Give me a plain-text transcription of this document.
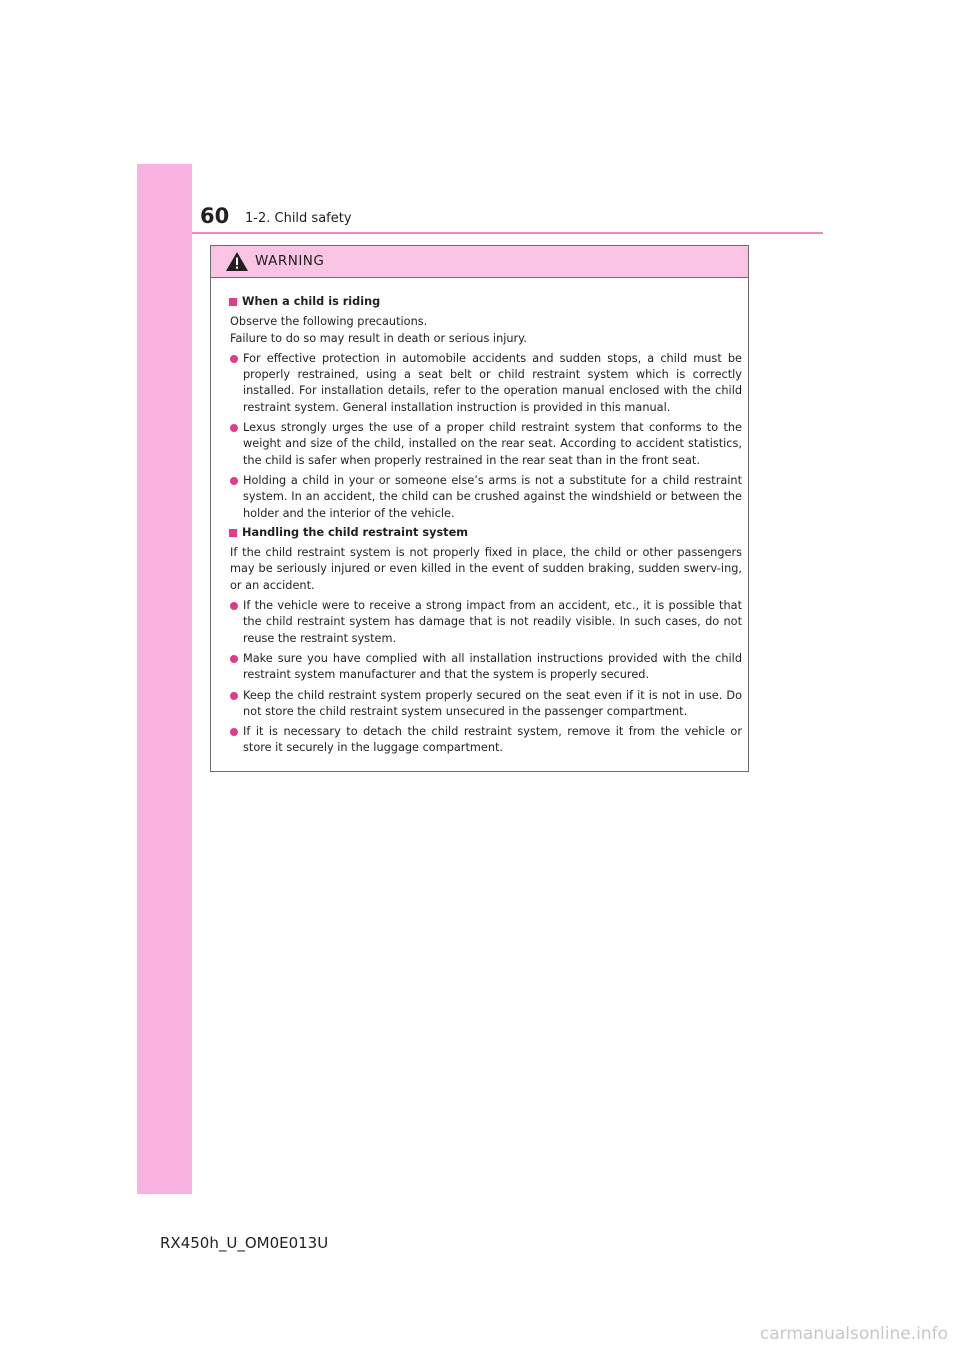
60 1-2. Child safety
WARNING
When a child is riding

Observe the following precautions.
Failure to do so may result in death or serious injury.

For effective protection in automobile accidents and sudden stops, a child must be properly restrained, using a seat belt or child restraint system which is correctly installed. For installation details, refer to the operation manual enclosed with the child restraint system. General installation instruction is provided in this manual.
Lexus strongly urges the use of a proper child restraint system that conforms to the weight and size of the child, installed on the rear seat. According to accident statistics, the child is safer when properly restrained in the rear seat than in the front seat.
Holding a child in your or someone else’s arms is not a substitute for a child restraint system. In an accident, the child can be crushed against the windshield or between the holder and the interior of the vehicle.
Handling the child restraint system

If the child restraint system is not properly fixed in place, the child or other passengers may be seriously injured or even killed in the event of sudden braking, sudden swerv-ing, or an accident.

If the vehicle were to receive a strong impact from an accident, etc., it is possible that the child restraint system has damage that is not readily visible. In such cases, do not reuse the restraint system.
Make sure you have complied with all installation instructions provided with the child restraint system manufacturer and that the system is properly secured.
Keep the child restraint system properly secured on the seat even if it is not in use. Do not store the child restraint system unsecured in the passenger compartment.
If it is necessary to detach the child restraint system, remove it from the vehicle or store it securely in the luggage compartment.
RX450h_U_OM0E013U
carmanualsonline.info
